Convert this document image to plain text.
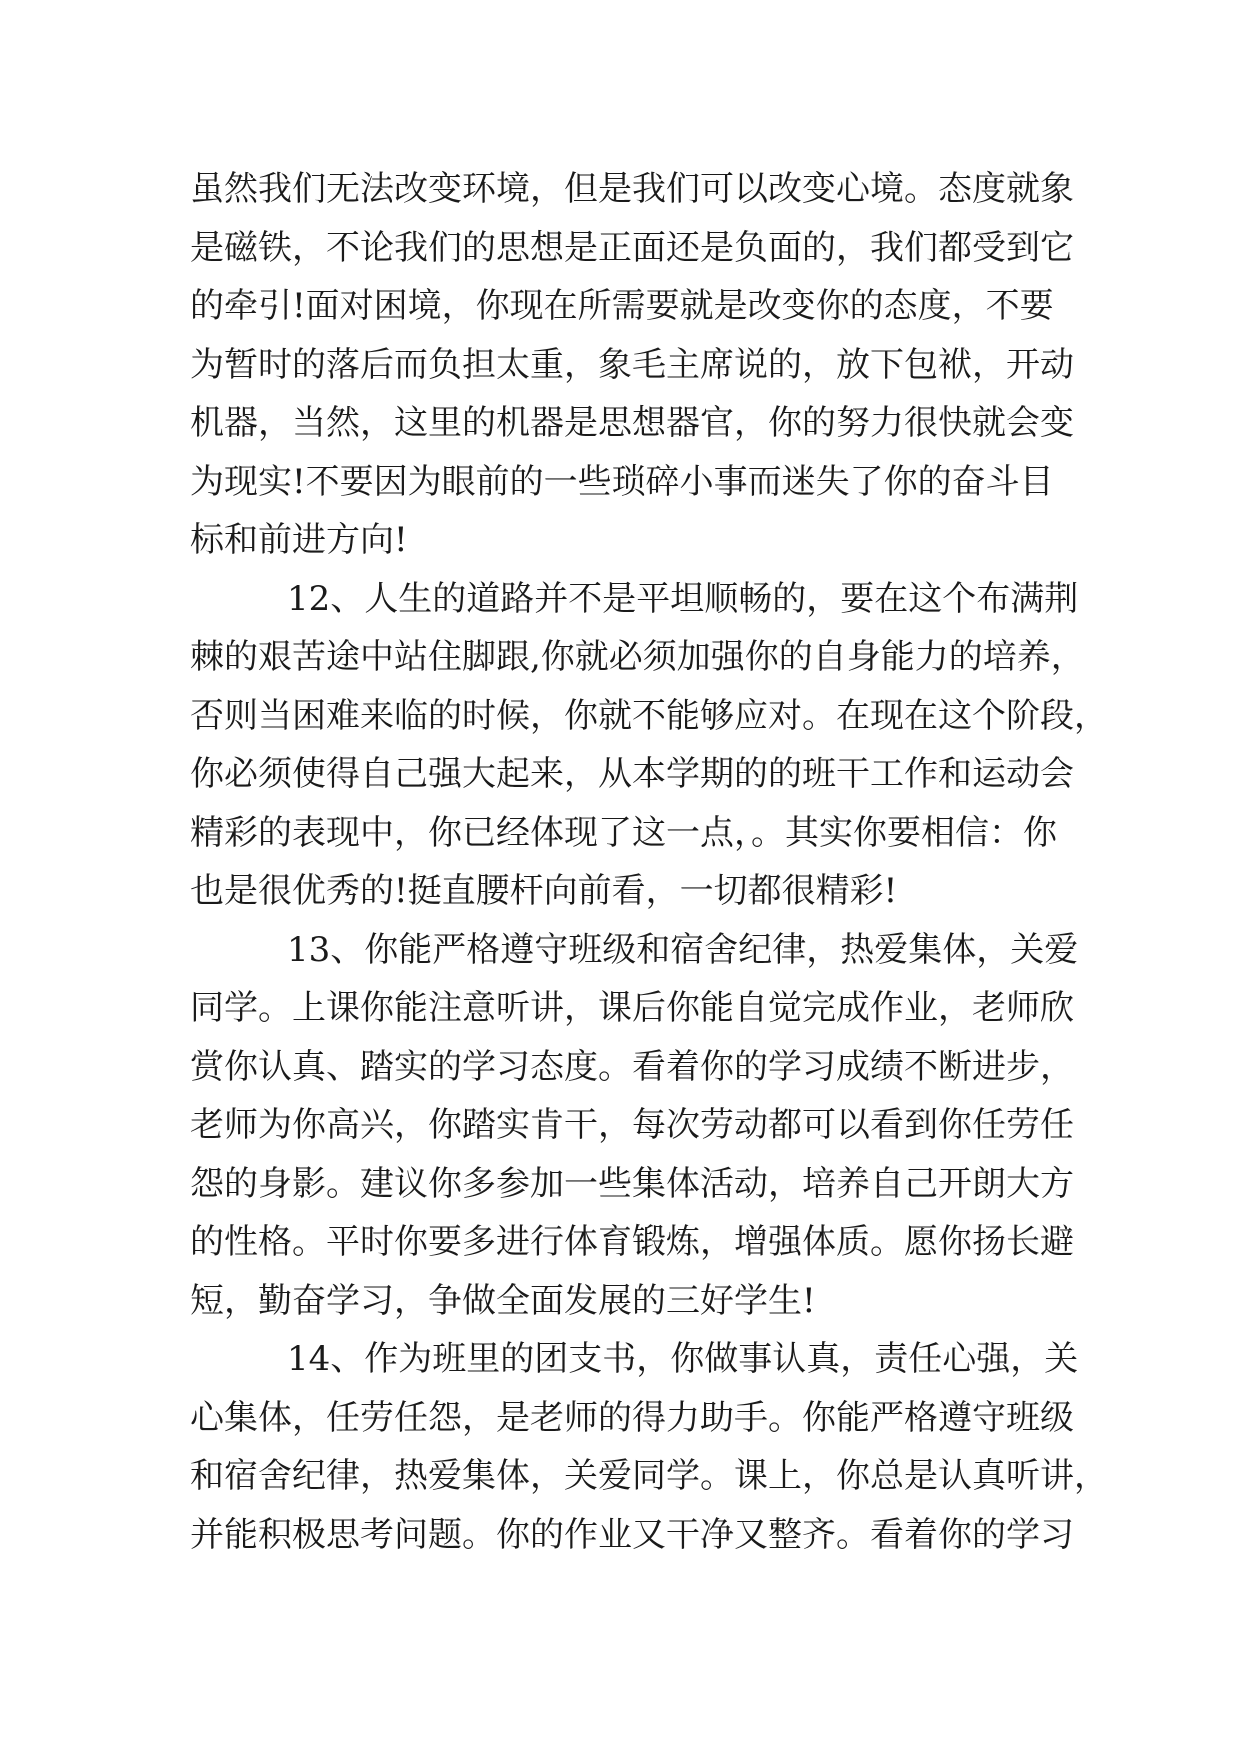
虽然我们无法改变环境，但是我们可以改变心境。态度就象
是磁铁，不论我们的思想是正面还是负面的，我们都受到它
的牵引!面对困境，你现在所需要就是改变你的态度，不要
为暂时的落后而负担太重，象毛主席说的，放下包袱，开动
机器，当然，这里的机器是思想器官，你的努力很快就会变
为现实!不要因为眼前的一些琐碎小事而迷失了你的奋斗目
标和前进方向!
12、人生的道路并不是平坦顺畅的，要在这个布满荆
棘的艰苦途中站住脚跟,你就必须加强你的自身能力的培养，
否则当困难来临的时候，你就不能够应对。在现在这个阶段，
你必须使得自己强大起来，从本学期的的班干工作和运动会
精彩的表现中，你已经体现了这一点，。其实你要相信：你
也是很优秀的!挺直腰杆向前看，一切都很精彩!
13、你能严格遵守班级和宿舍纪律，热爱集体，关爱
同学。上课你能注意听讲，课后你能自觉完成作业，老师欣
赏你认真、踏实的学习态度。看着你的学习成绩不断进步，
老师为你高兴，你踏实肯干，每次劳动都可以看到你任劳任
怨的身影。建议你多参加一些集体活动，培养自己开朗大方
的性格。平时你要多进行体育锻炼，增强体质。愿你扬长避
短，勤奋学习，争做全面发展的三好学生!
14、作为班里的团支书，你做事认真，责任心强，关
心集体，任劳任怨，是老师的得力助手。你能严格遵守班级
和宿舍纪律，热爱集体，关爱同学。课上，你总是认真听讲，
并能积极思考问题。你的作业又干净又整齐。看着你的学习
